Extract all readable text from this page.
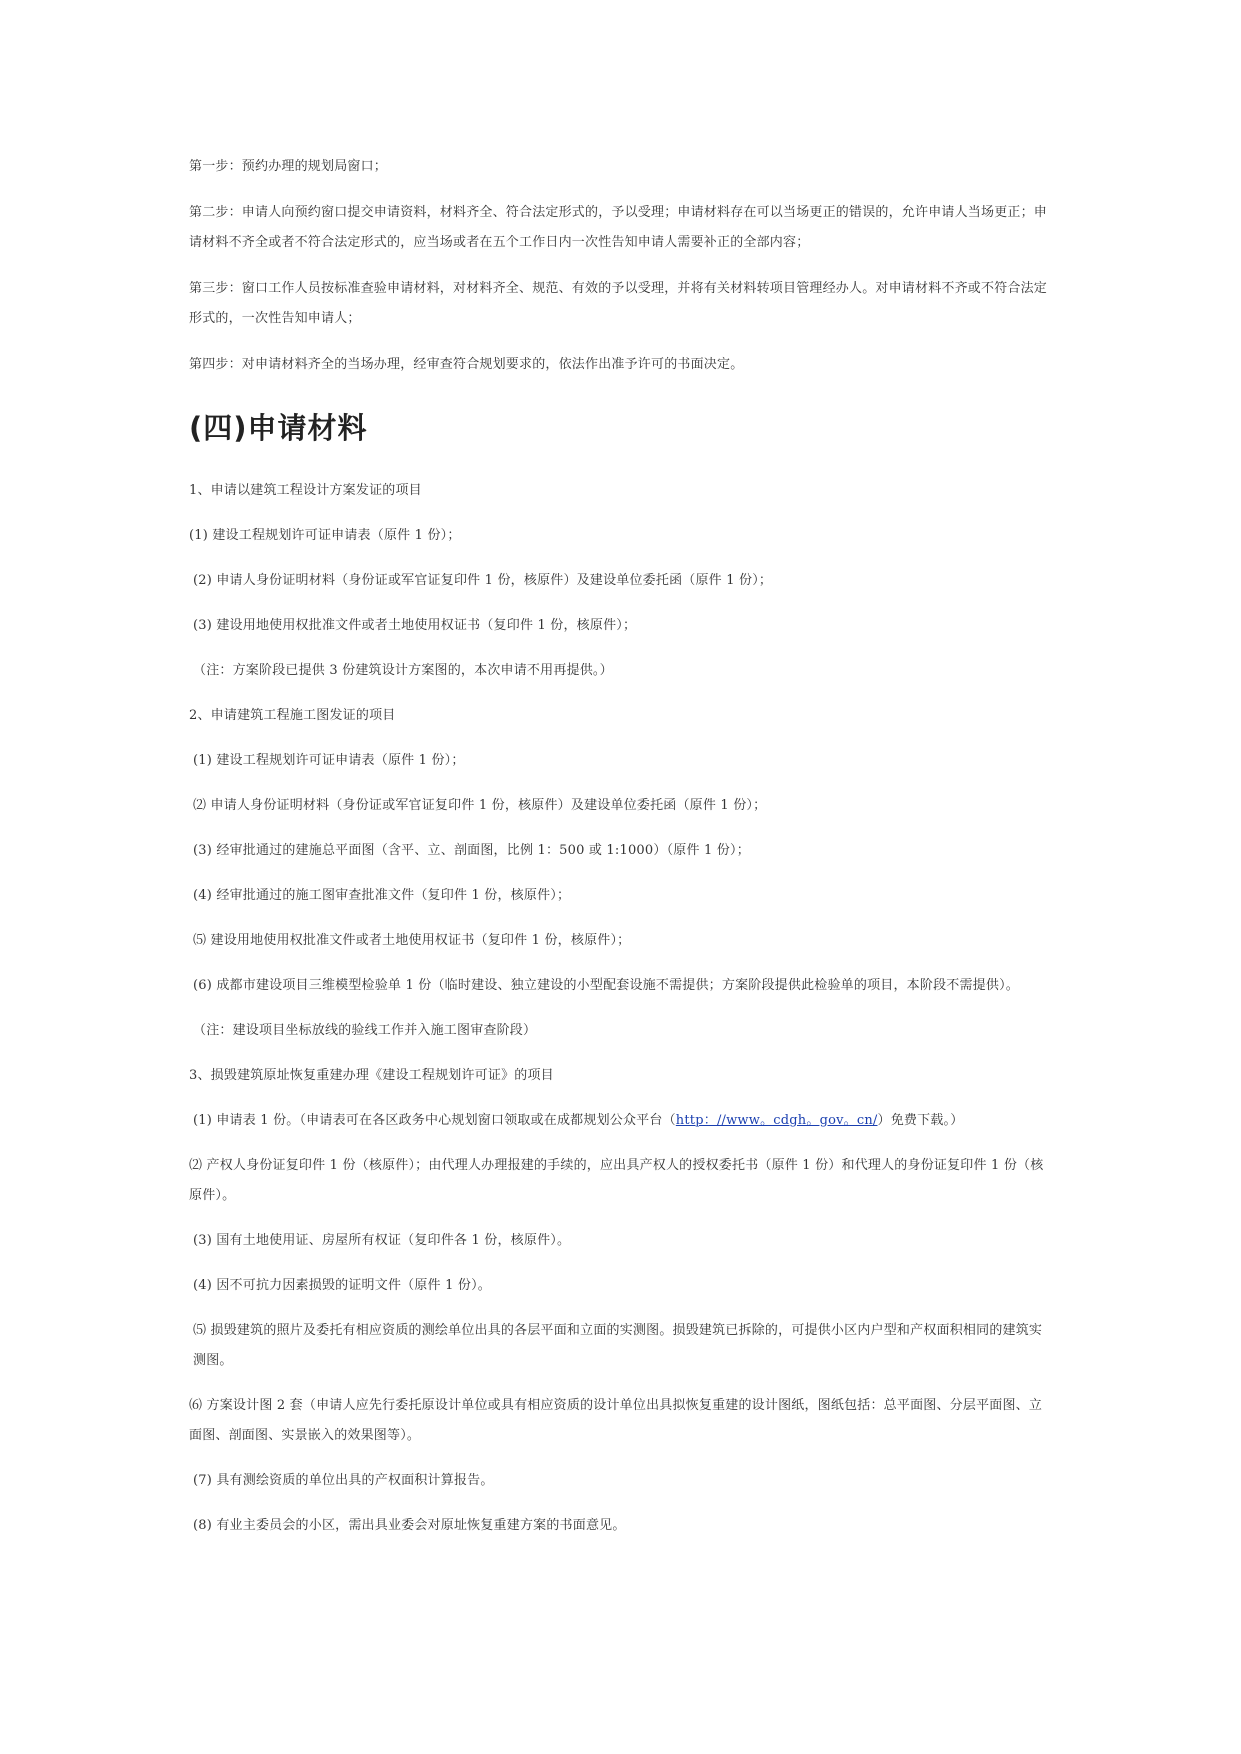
第一步：预约办理的规划局窗口；

第二步：申请人向预约窗口提交申请资料，材料齐全、符合法定形式的，予以受理；申请材料存在可以当场更正的错误的，允许申请人当场更正；申请材料不齐全或者不符合法定形式的，应当场或者在五个工作日内一次性告知申请人需要补正的全部内容；

第三步：窗口工作人员按标准查验申请材料，对材料齐全、规范、有效的予以受理，并将有关材料转项目管理经办人。对申请材料不齐或不符合法定形式的，一次性告知申请人；

第四步：对申请材料齐全的当场办理，经审查符合规划要求的，依法作出准予许可的书面决定。

(四)申请材料

1、申请以建筑工程设计方案发证的项目

(1) 建设工程规划许可证申请表（原件 1 份）；

(2) 申请人身份证明材料（身份证或军官证复印件 1 份，核原件）及建设单位委托函（原件 1 份）；

(3) 建设用地使用权批准文件或者土地使用权证书（复印件 1 份，核原件）；

（注：方案阶段已提供 3 份建筑设计方案图的，本次申请不用再提供。）

2、申请建筑工程施工图发证的项目

(1) 建设工程规划许可证申请表（原件 1 份）；

⑵ 申请人身份证明材料（身份证或军官证复印件 1 份，核原件）及建设单位委托函（原件 1 份）；

(3) 经审批通过的建施总平面图（含平、立、剖面图，比例 1：500 或 1:1000）（原件 1 份）；

(4) 经审批通过的施工图审查批准文件（复印件 1 份，核原件）；

⑸ 建设用地使用权批准文件或者土地使用权证书（复印件 1 份，核原件）；

(6) 成都市建设项目三维模型检验单 1 份（临时建设、独立建设的小型配套设施不需提供；方案阶段提供此检验单的项目，本阶段不需提供）。

（注：建设项目坐标放线的验线工作并入施工图审查阶段）

3、损毁建筑原址恢复重建办理《建设工程规划许可证》的项目

(1) 申请表 1 份。（申请表可在各区政务中心规划窗口领取或在成都规划公众平台（http：//www。cdgh。gov。cn/）免费下载。）

⑵ 产权人身份证复印件 1 份（核原件）；由代理人办理报建的手续的，应出具产权人的授权委托书（原件 1 份）和代理人的身份证复印件 1 份（核原件）。

(3) 国有土地使用证、房屋所有权证（复印件各 1 份，核原件）。

(4) 因不可抗力因素损毁的证明文件（原件 1 份）。

⑸ 损毁建筑的照片及委托有相应资质的测绘单位出具的各层平面和立面的实测图。损毁建筑已拆除的，可提供小区内户型和产权面积相同的建筑实测图。

⑹ 方案设计图 2 套（申请人应先行委托原设计单位或具有相应资质的设计单位出具拟恢复重建的设计图纸，图纸包括：总平面图、分层平面图、立面图、剖面图、实景嵌入的效果图等）。

(7) 具有测绘资质的单位出具的产权面积计算报告。

(8) 有业主委员会的小区，需出具业委会对原址恢复重建方案的书面意见。
